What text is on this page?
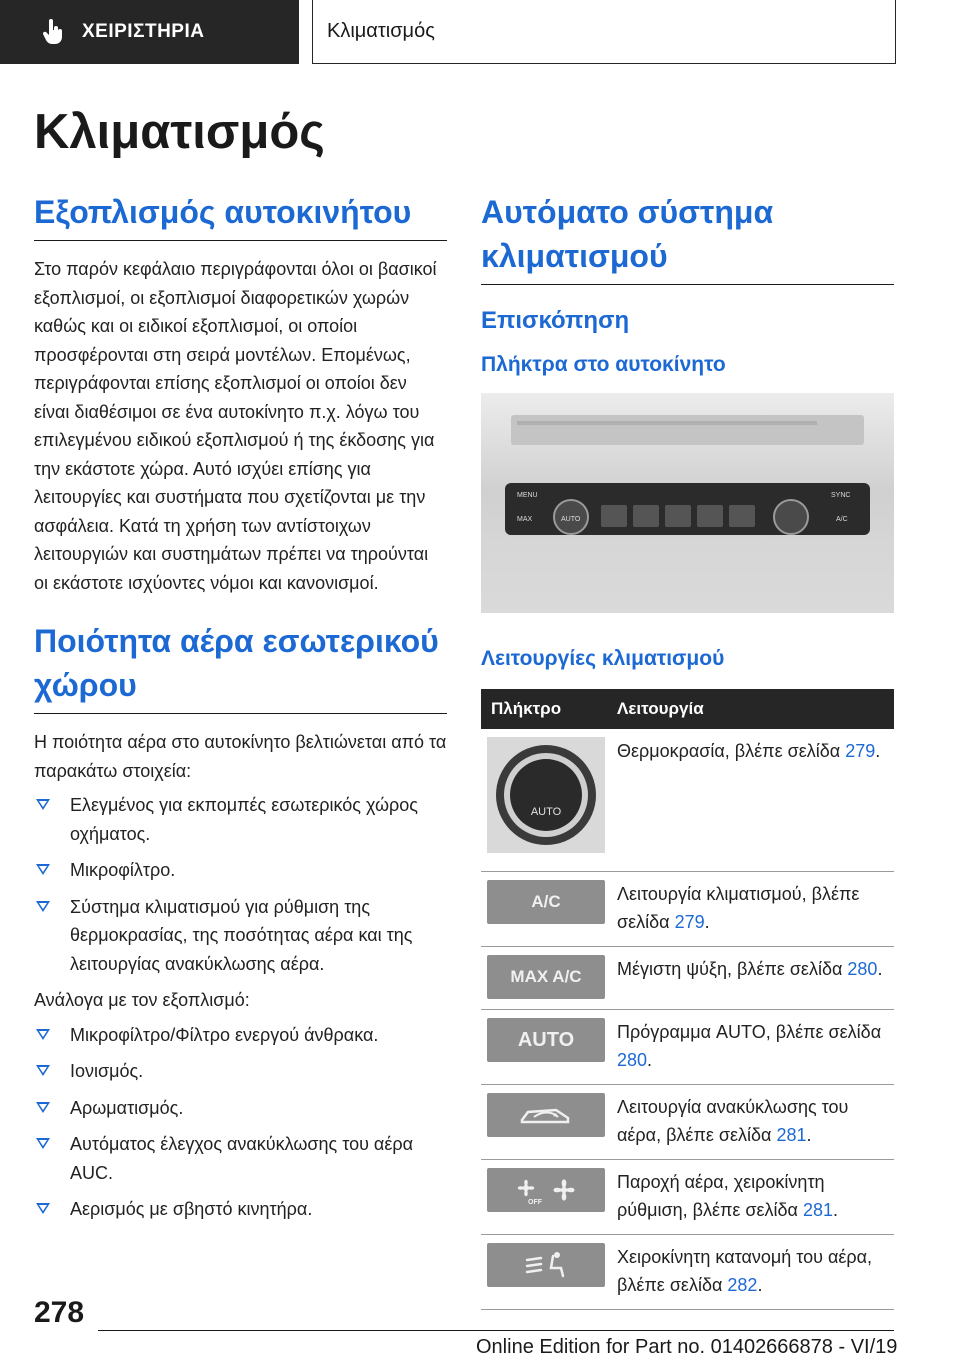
ΧΕΙΡΙΣΤΗΡΙΑ	Κλιματισμός
Κλιματισμός
Εξοπλισμός αυτοκινήτου

Στο παρόν κεφάλαιο περιγράφονται όλοι οι βασικοί εξοπλισμοί, οι εξοπλισμοί διαφορετικών χωρών καθώς και οι ειδικοί εξοπλισμοί, οι οποίοι προσφέρονται στη σειρά μοντέλων. Επομένως, περιγράφονται επίσης εξοπλισμοί οι οποίοι δεν είναι διαθέσιμοι σε ένα αυτοκίνητο π.χ. λόγω του επιλεγμένου ειδικού εξοπλισμού ή της έκδοσης για την εκάστοτε χώρα. Αυτό ισχύει επίσης για λειτουργίες και συστήματα που σχετίζονται με την ασφάλεια. Κατά τη χρήση των αντίστοιχων λειτουργιών και συστημάτων πρέπει να τηρούνται οι εκάστοτε ισχύοντες νόμοι και κανονισμοί.

Ποιότητα αέρα εσωτερικού χώρου

Η ποιότητα αέρα στο αυτοκίνητο βελτιώνεται από τα παρακάτω στοιχεία:

Ελεγμένος για εκπομπές εσωτερικός χώρος οχήματος.
Μικροφίλτρο.
Σύστημα κλιματισμού για ρύθμιση της θερμοκρασίας, της ποσότητας αέρα και της λειτουργίας ανακύκλωσης αέρα.

Ανάλογα με τον εξοπλισμό:

Μικροφίλτρο/Φίλτρο ενεργού άνθρακα.
Ιονισμός.
Αρωματισμός.
Αυτόματος έλεγχος ανακύκλωσης του αέρα AUC.
Αερισμός με σβηστό κινητήρα.
Αυτόματο σύστημα κλιματισμού
Επισκόπηση
Πλήκτρα στο αυτοκίνητο
MENU
AUTO
SYNC
MAX	A/C
Λειτουργίες κλιματισμού
Πλήκτρο	Λειτουργία

AUTO	Θερμοκρασία, βλέπε σελίδα 279.

A/C	Λειτουργία κλιματισμού, βλέπε σελίδα 279.

MAX A/C	Μέγιστη ψύξη, βλέπε σελίδα 280.

AUTO	Πρόγραμμα AUTO, βλέπε σελίδα 280.

	Λειτουργία ανακύκλωσης του αέρα, βλέπε σελίδα 281.

OFF	Παροχή αέρα, χειροκίνητη ρύθμιση, βλέπε σελίδα 281.

	Χειροκίνητη κατανομή του αέρα, βλέπε σελίδα 282.
278
Online Edition for Part no. 01402666878 - VI/19
